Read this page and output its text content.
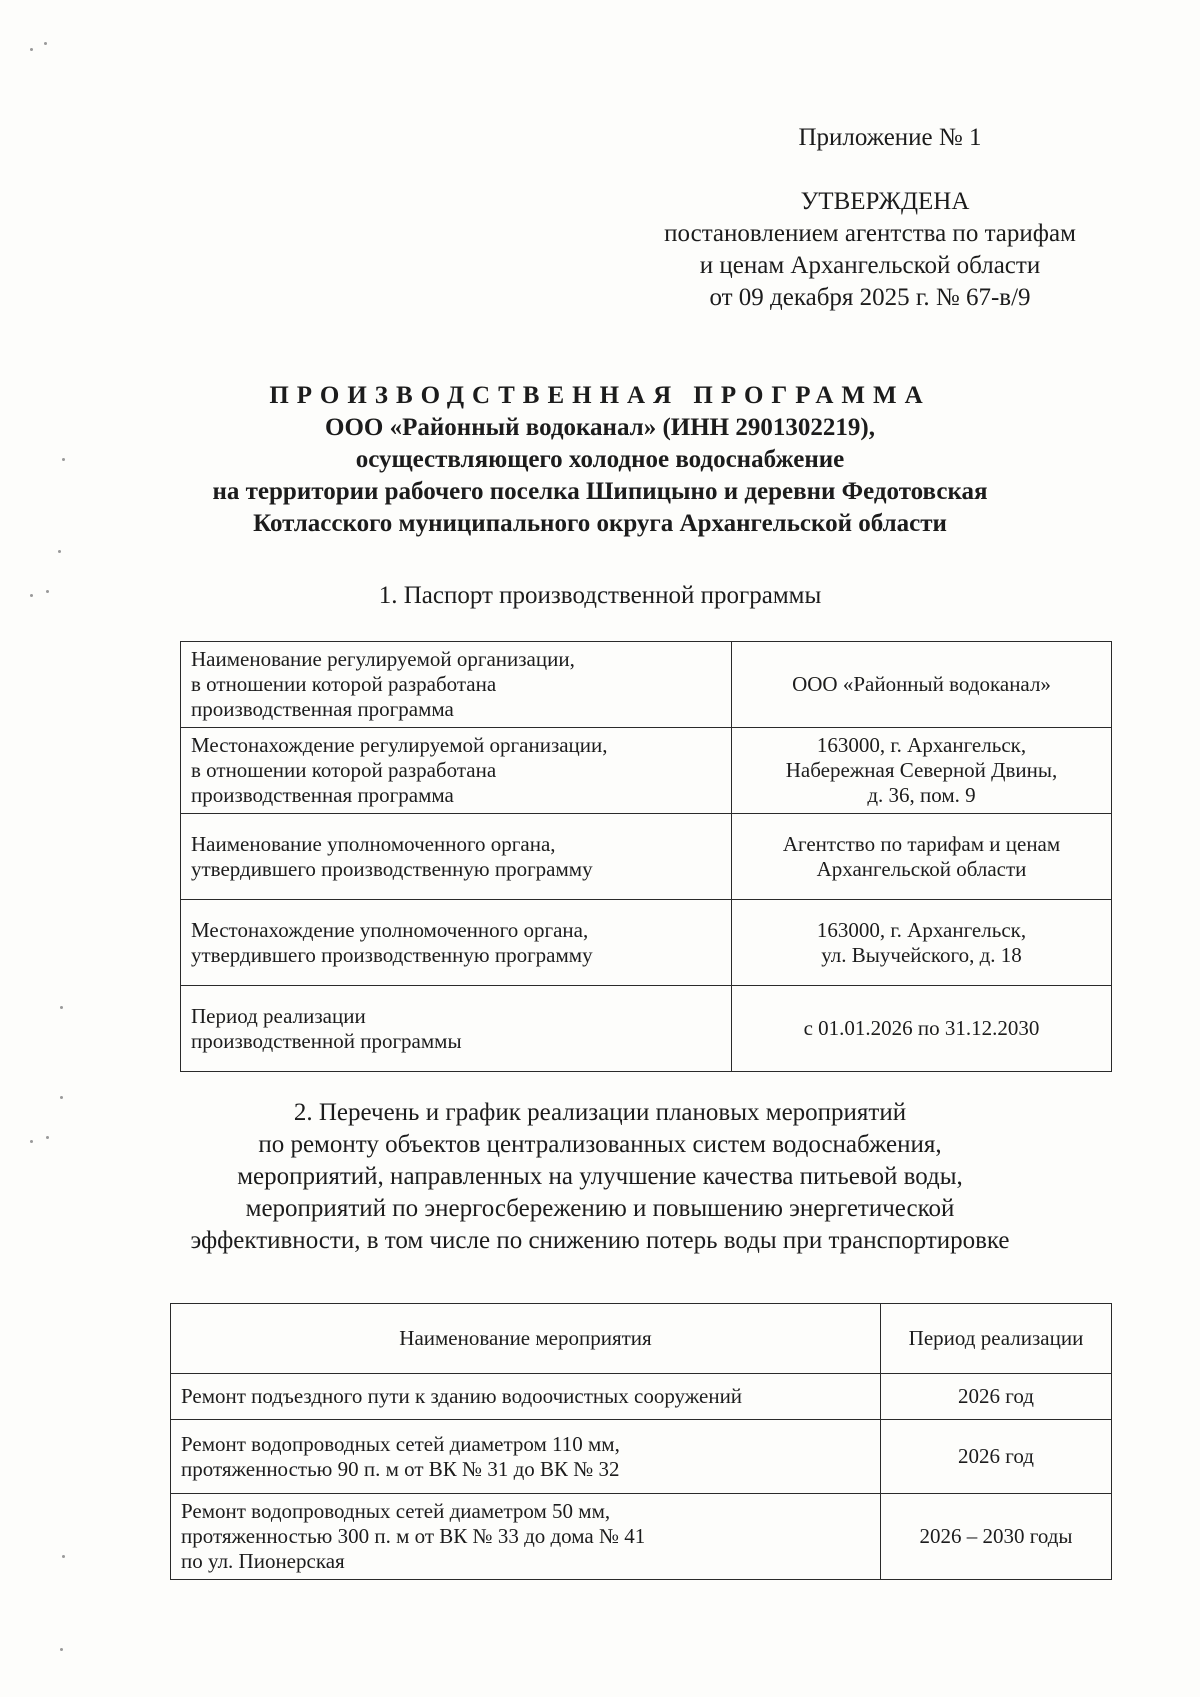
Приложение № 1
УТВЕРЖДЕНА
постановлением агентства по тарифам
и ценам Архангельской области
от 09 декабря 2025 г. № 67-в/9
ПРОИЗВОДСТВЕННАЯ ПРОГРАММА
ООО «Районный водоканал» (ИНН 2901302219),
осуществляющего холодное водоснабжение
на территории рабочего поселка Шипицыно и деревни Федотовская
Котласского муниципального округа Архангельской области
1. Паспорт производственной программы
Наименование регулируемой организации,
в отношении которой разработана
производственная программа	ООО «Районный водоканал»

Местонахождение регулируемой организации,
в отношении которой разработана
производственная программа	163000, г. Архангельск,
Набережная Северной Двины,
д. 36, пом. 9

Наименование уполномоченного органа,
утвердившего производственную программу	Агентство по тарифам и ценам
Архангельской области

Местонахождение уполномоченного органа,
утвердившего производственную программу	163000, г. Архангельск,
ул. Выучейского, д. 18

Период реализации
производственной программы	с 01.01.2026 по 31.12.2030
2. Перечень и график реализации плановых мероприятий
по ремонту объектов централизованных систем водоснабжения,
мероприятий, направленных на улучшение качества питьевой воды,
мероприятий по энергосбережению и повышению энергетической
эффективности, в том числе по снижению потерь воды при транспортировке
Наименование мероприятия	Период реализации

Ремонт подъездного пути к зданию водоочистных сооружений	2026 год

Ремонт водопроводных сетей диаметром 110 мм,
протяженностью 90 п. м от ВК № 31 до ВК № 32	2026 год

Ремонт водопроводных сетей диаметром 50 мм,
протяженностью 300 п. м от ВК № 33 до дома № 41
по ул. Пионерская	2026 – 2030 годы
